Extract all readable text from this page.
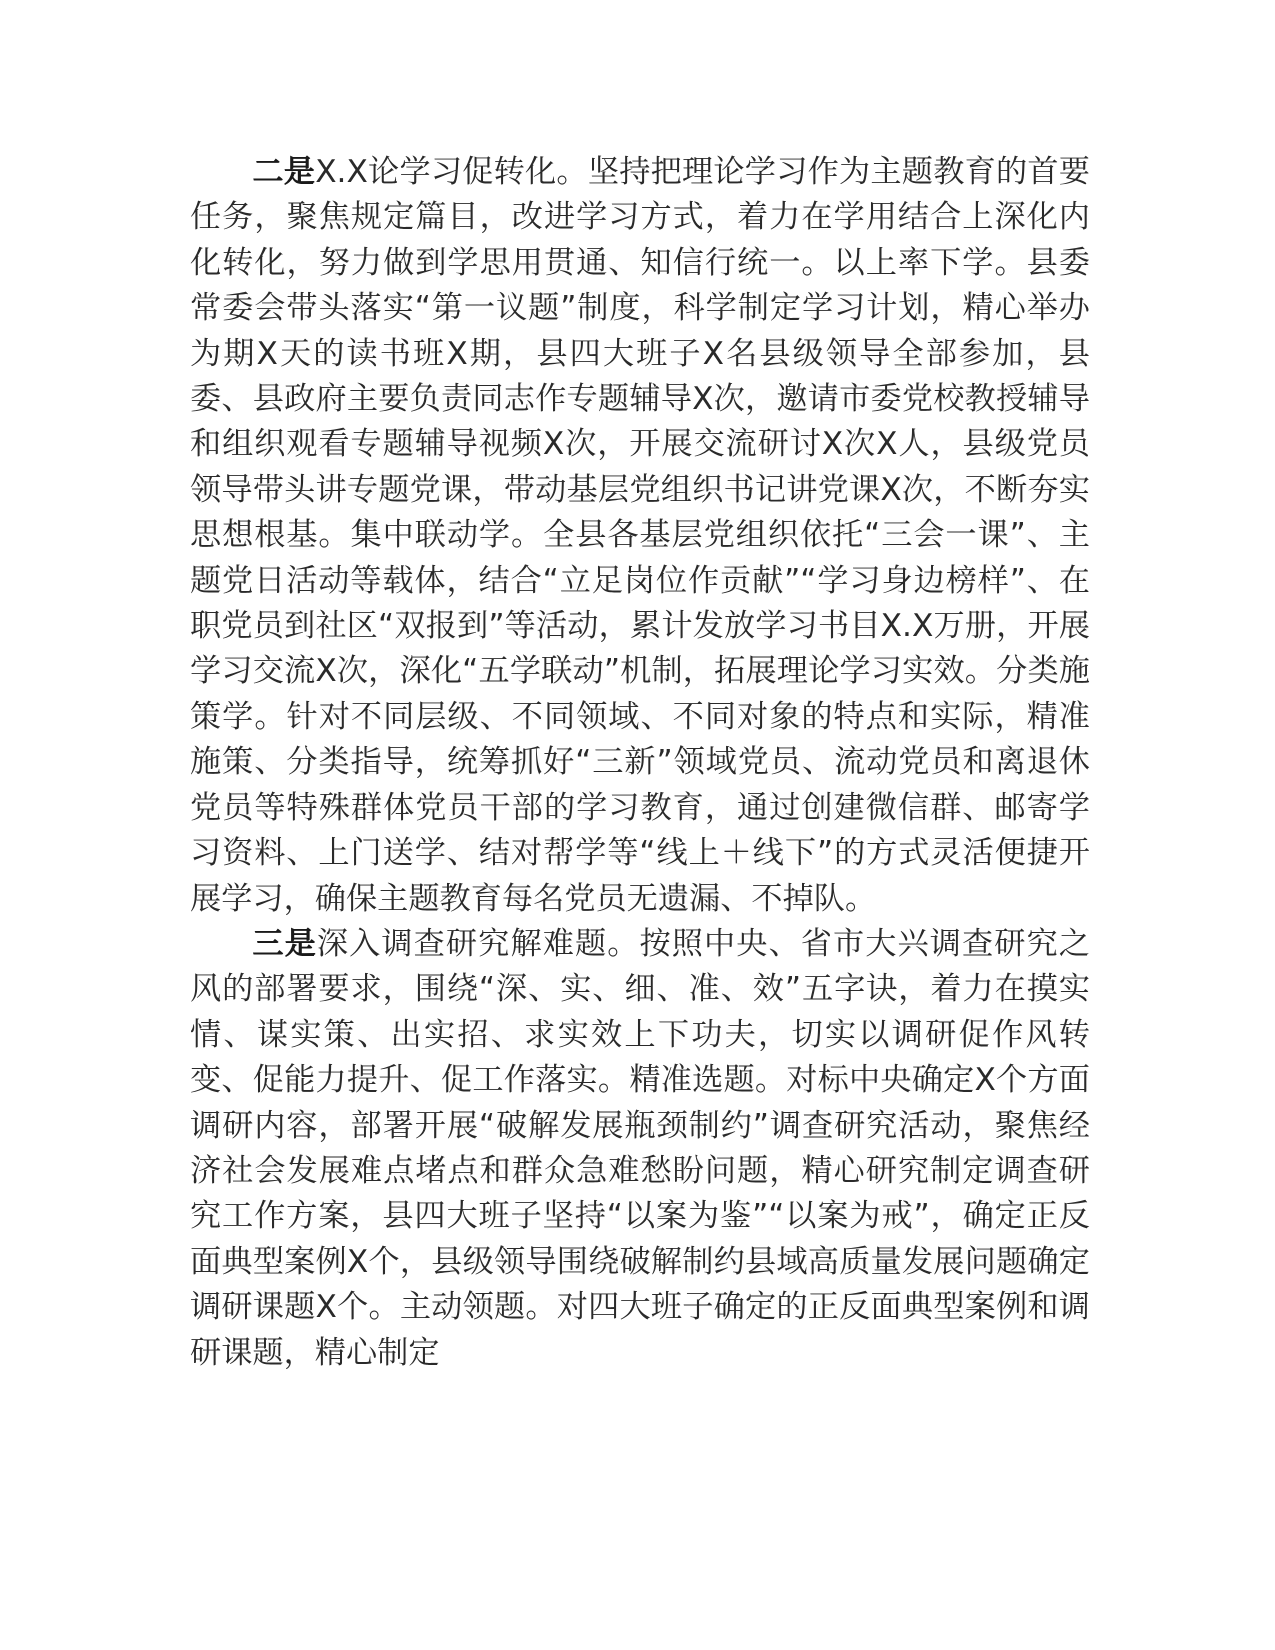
二是X.X论学习促转化。坚持把理论学习作为主题教育的首要任务，聚焦规定篇目，改进学习方式，着力在学用结合上深化内化转化，努力做到学思用贯通、知信行统一。以上率下学。县委常委会带头落实“第一议题”制度，科学制定学习计划，精心举办为期X天的读书班X期，县四大班子X名县级领导全部参加，县委、县政府主要负责同志作专题辅导X次，邀请市委党校教授辅导和组织观看专题辅导视频X次，开展交流研讨X次X人，县级党员领导带头讲专题党课，带动基层党组织书记讲党课X次，不断夯实思想根基。集中联动学。全县各基层党组织依托“三会一课”、主题党日活动等载体，结合“立足岗位作贡献”“学习身边榜样”、在职党员到社区“双报到”等活动，累计发放学习书目X.X万册，开展学习交流X次，深化“五学联动”机制，拓展理论学习实效。分类施策学。针对不同层级、不同领域、不同对象的特点和实际，精准施策、分类指导，统筹抓好“三新”领域党员、流动党员和离退休党员等特殊群体党员干部的学习教育，通过创建微信群、邮寄学习资料、上门送学、结对帮学等“线上＋线下”的方式灵活便捷开展学习，确保主题教育每名党员无遗漏、不掉队。

三是深入调查研究解难题。按照中央、省市大兴调查研究之风的部署要求，围绕“深、实、细、准、效”五字诀，着力在摸实情、谋实策、出实招、求实效上下功夫，切实以调研促作风转变、促能力提升、促工作落实。精准选题。对标中央确定X个方面调研内容，部署开展“破解发展瓶颈制约”调查研究活动，聚焦经济社会发展难点堵点和群众急难愁盼问题，精心研究制定调查研究工作方案，县四大班子坚持“以案为鉴”“以案为戒”，确定正反面典型案例X个，县级领导围绕破解制约县域高质量发展问题确定调研课题X个。主动领题。对四大班子确定的正反面典型案例和调研课题，精心制定
